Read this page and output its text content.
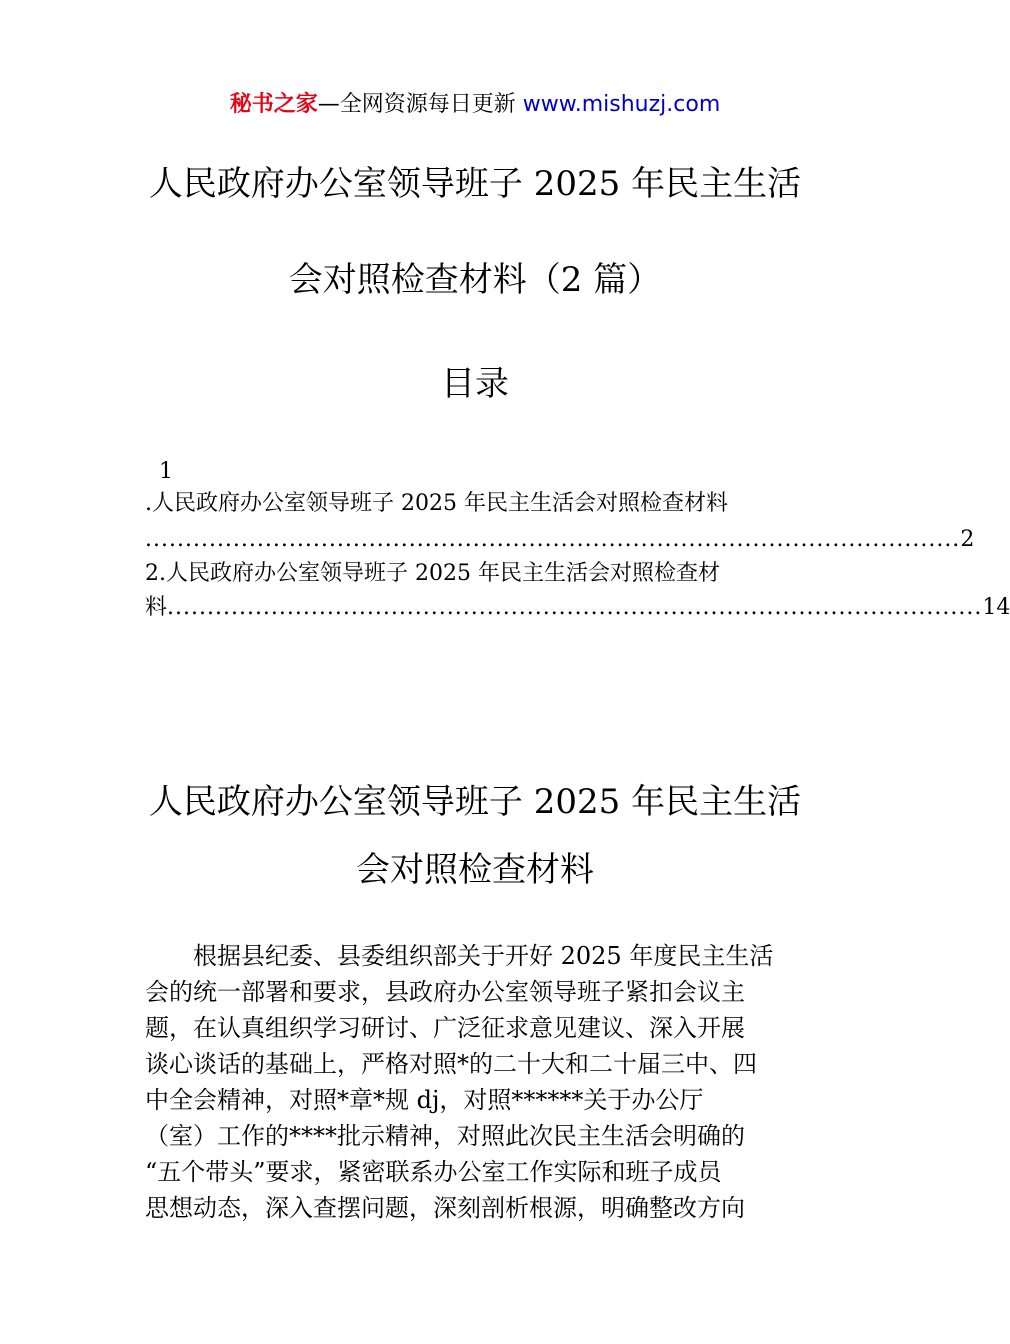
秘书之家—全网资源每日更新 www.mishuzj.com
人民政府办公室领导班子 2025 年民主生活
会对照检查材料（2 篇）
目录
1
.人民政府办公室领导班子 2025 年民主生活会对照检查材料
...................................................................................................... 2
2.人民政府办公室领导班子 2025 年民主生活会对照检查材
料 ...................................................................................................... 14
人民政府办公室领导班子 2025 年民主生活
会对照检查材料
　　根据县纪委、县委组织部关于开好 2025 年度民主生活
会的统一部署和要求，县政府办公室领导班子紧扣会议主
题，在认真组织学习研讨、广泛征求意见建议、深入开展
谈心谈话的基础上，严格对照*的二十大和二十届三中、四
中全会精神，对照*章*规 dj，对照******关于办公厅
（室）工作的****批示精神，对照此次民主生活会明确的
“五个带头”要求，紧密联系办公室工作实际和班子成员
思想动态，深入查摆问题，深刻剖析根源，明确整改方向
